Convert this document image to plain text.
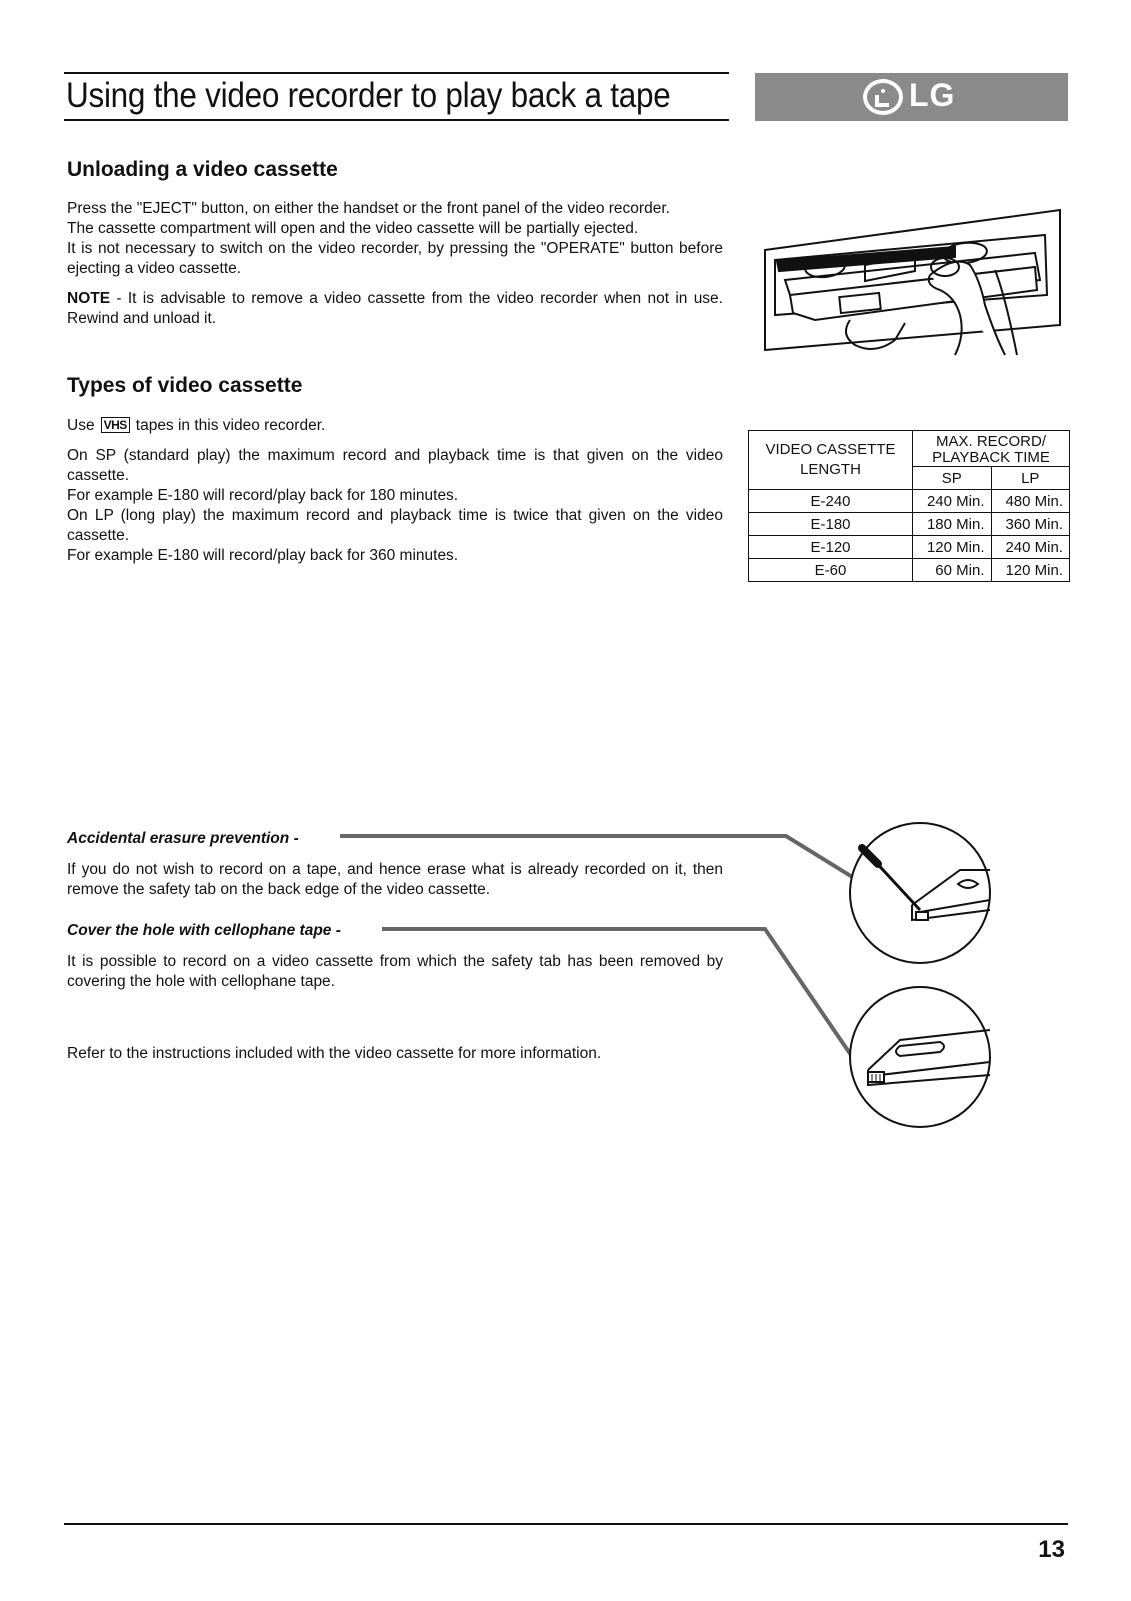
Using the video recorder to play back a tape	LG
Unloading a video cassette

Press the "EJECT" button, on either the handset or the front panel of the video recorder.

The cassette compartment will open and the video cassette will be partially ejected.

It is not necessary to switch on the video recorder, by pressing the "OPERATE" button before ejecting a video cassette.

NOTE - It is advisable to remove a video cassette from the video recorder when not in use. Rewind and unload it.

Types of video cassette
Use VHS tapes in this video recorder.

On SP (standard play) the maximum record and playback time is that given on the video cassette.

For example E-180 will record/play back for 180 minutes.

On LP (long play) the maximum record and playback time is twice that given on the video cassette.

For example E-180 will record/play back for 360 minutes.

VIDEO CASSETTE LENGTH	MAX. RECORD/
PLAYBACK TIME	

	SP	LP
E-240	240 Min.	480 Min.
E-180	180 Min.	360 Min.
E-120	120 Min.	240 Min.
E-60	60 Min.	120 Min.
Accidental erasure prevention -
If you do not wish to record on a tape, and hence erase what is already recorded on it, then remove the safety tab on the back edge of the video cassette.
Cover the hole with cellophane tape -
It is possible to record on a video cassette from which the safety tab has been removed by covering the hole with cellophane tape.
Refer to the instructions included with the video cassette for more information.
13
